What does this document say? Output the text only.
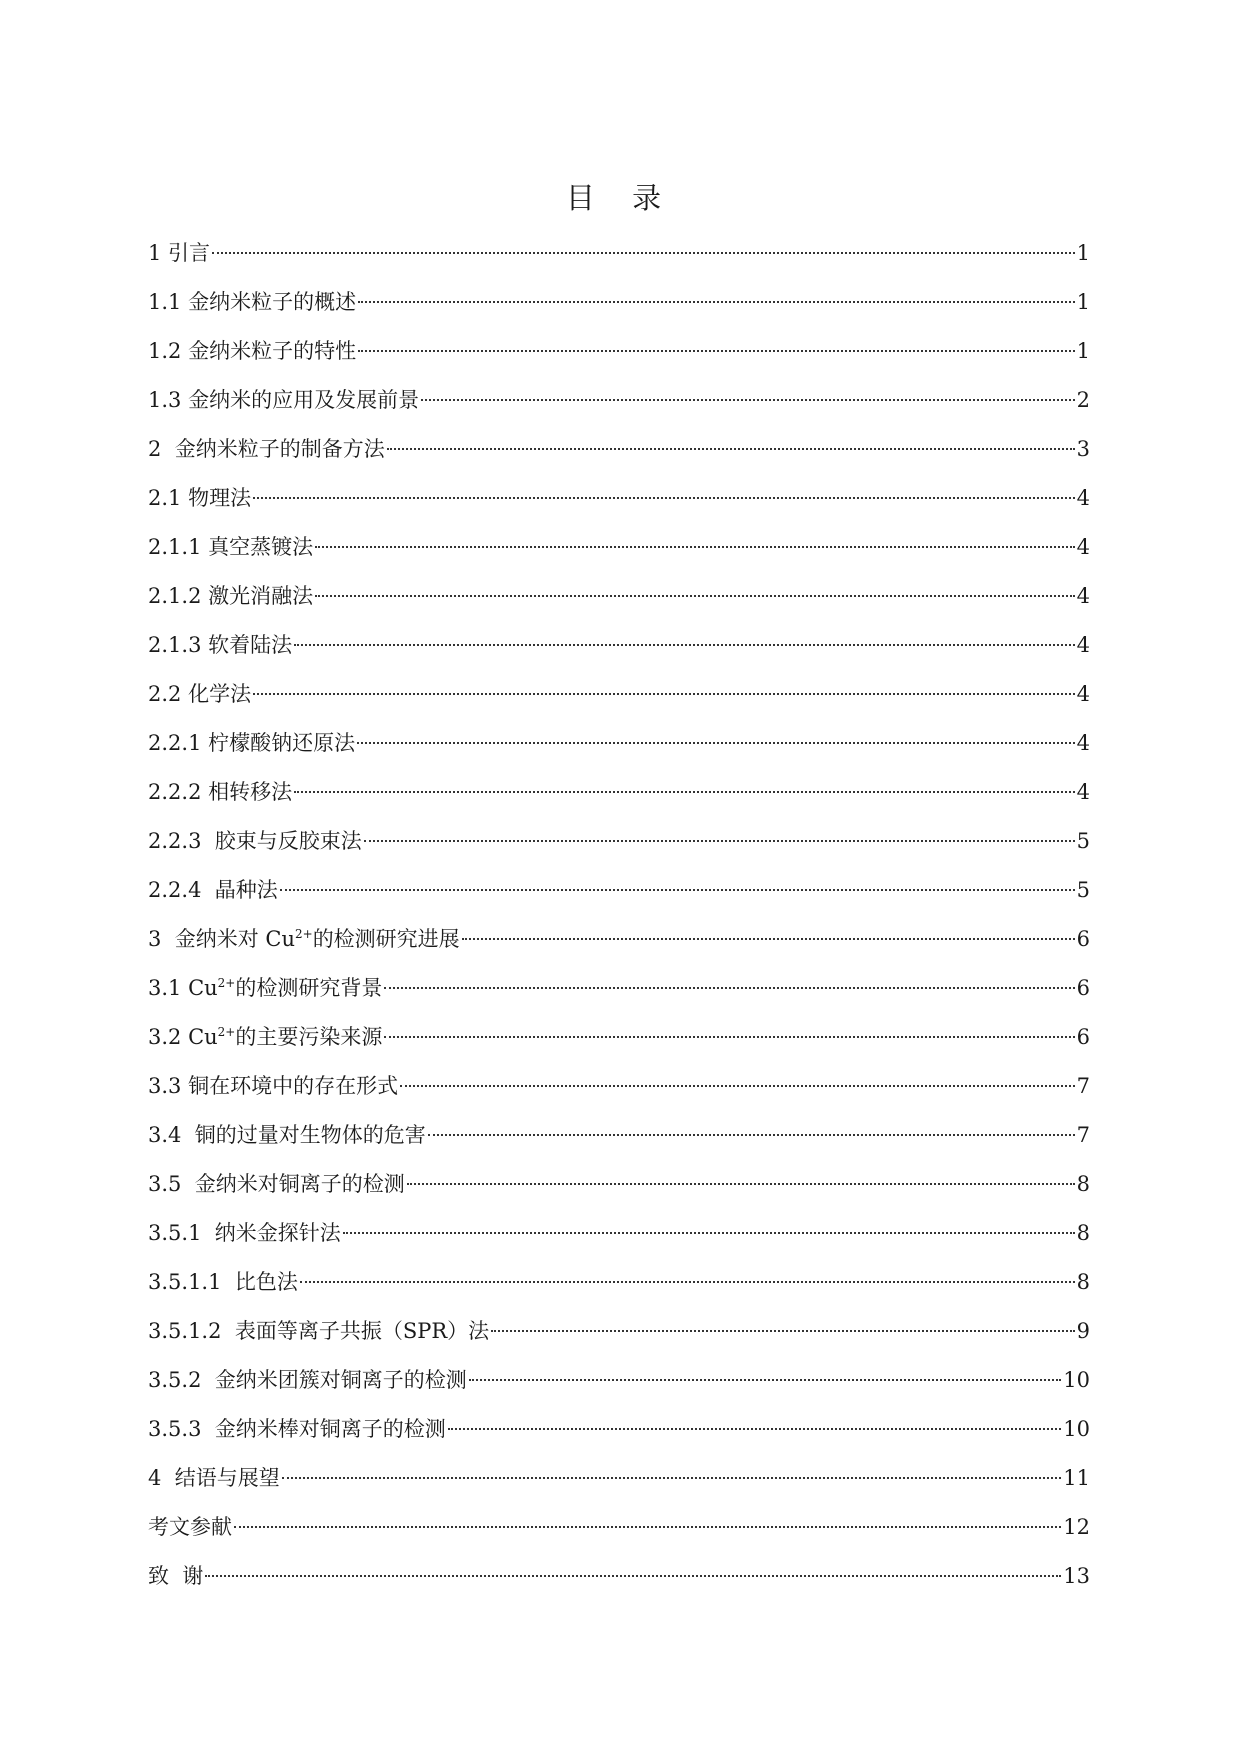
目 录
1 引言	1
1.1 金纳米粒子的概述	1
1.2 金纳米粒子的特性	1
1.3 金纳米的应用及发展前景	2
2  金纳米粒子的制备方法	3
2.1 物理法	4
2.1.1 真空蒸镀法	4
2.1.2 激光消融法	4
2.1.3 软着陆法	4
2.2 化学法	4
2.2.1 柠檬酸钠还原法	4
2.2.2 相转移法	4
2.2.3  胶束与反胶束法	5
2.2.4  晶种法	5
3  金纳米对 $Cu^{2+}$的检测研究进展	6
3.1 $Cu^{2+}$的检测研究背景	6
3.2 $Cu^{2+}$的主要污染来源	6
3.3 铜在环境中的存在形式	7
3.4  铜的过量对生物体的危害	7
3.5  金纳米对铜离子的检测	8
3.5.1  纳米金探针法	8
3.5.1.1  比色法	8
3.5.1.2  表面等离子共振（SPR）法	9
3.5.2  金纳米团簇对铜离子的检测	10
3.5.3  金纳米棒对铜离子的检测	10
4  结语与展望	11
考文参献	12
致  谢	13
